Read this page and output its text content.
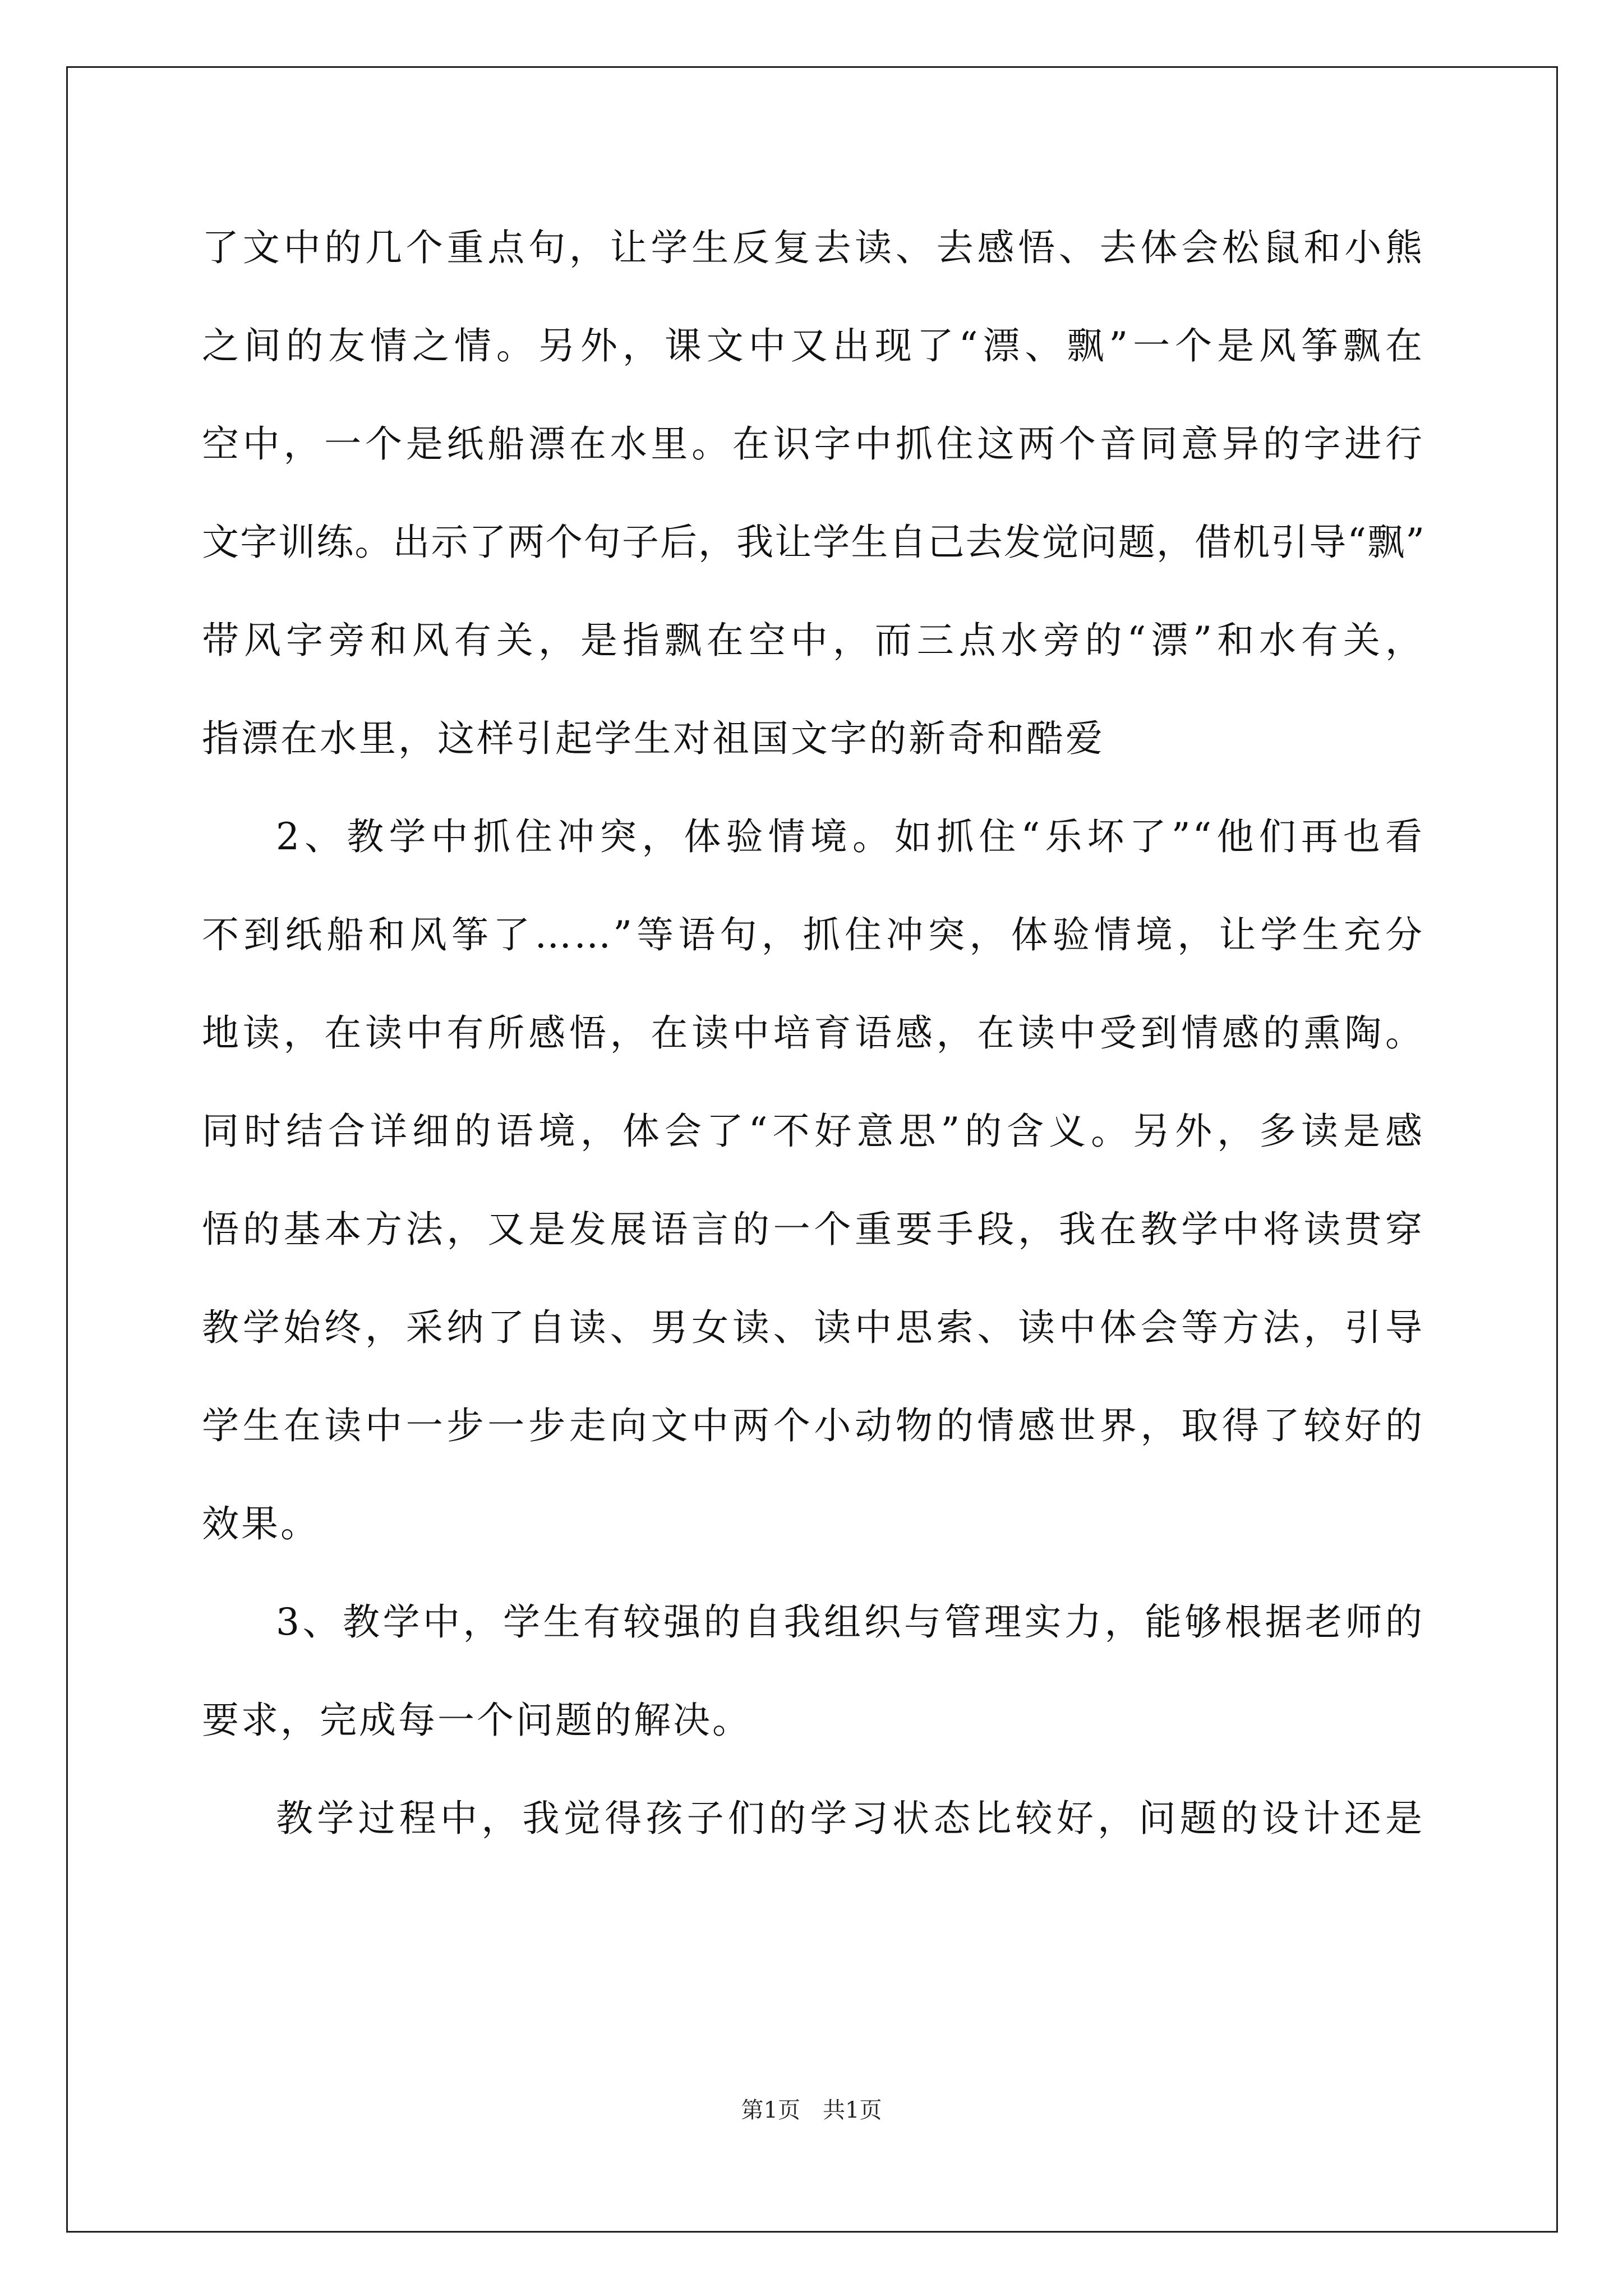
了文中的几个重点句，让学生反复去读、去感悟、去体会松鼠和小熊
之间的友情之情。另外，课文中又出现了“漂、飘”一个是风筝飘在
空中，一个是纸船漂在水里。在识字中抓住这两个音同意异的字进行
文字训练。出示了两个句子后，我让学生自己去发觉问题，借机引导“飘”
带风字旁和风有关，是指飘在空中，而三点水旁的“漂”和水有关，
指漂在水里，这样引起学生对祖国文字的新奇和酷爱
2、教学中抓住冲突，体验情境。如抓住“乐坏了”“他们再也看
不到纸船和风筝了……”等语句，抓住冲突，体验情境，让学生充分
地读，在读中有所感悟，在读中培育语感，在读中受到情感的熏陶。
同时结合详细的语境，体会了“不好意思”的含义。另外，多读是感
悟的基本方法，又是发展语言的一个重要手段，我在教学中将读贯穿
教学始终，采纳了自读、男女读、读中思索、读中体会等方法，引导
学生在读中一步一步走向文中两个小动物的情感世界，取得了较好的
效果。
3、教学中，学生有较强的自我组织与管理实力，能够根据老师的
要求，完成每一个问题的解决。
教学过程中，我觉得孩子们的学习状态比较好，问题的设计还是
第1页　共1页
